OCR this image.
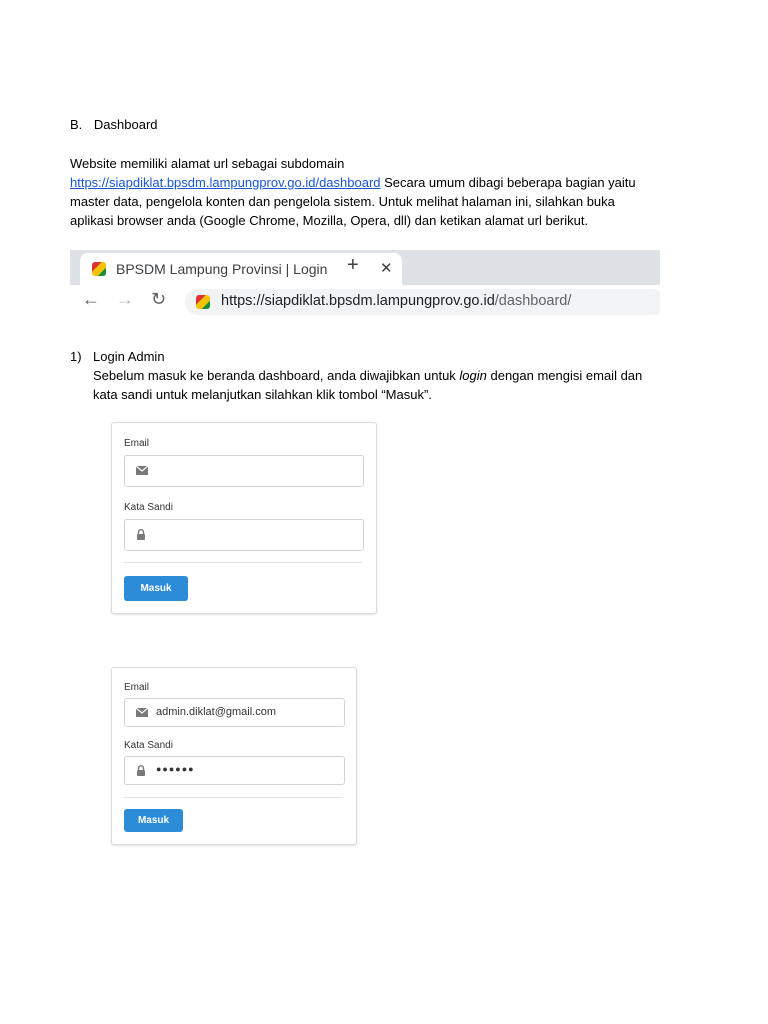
B. Dashboard
Website memiliki alamat url sebagai subdomain
https://siapdiklat.bpsdm.lampungprov.go.id/dashboard Secara umum dibagi beberapa bagian yaitu
master data, pengelola konten dan pengelola sistem. Untuk melihat halaman ini, silahkan buka
aplikasi browser anda (Google Chrome, Mozilla, Opera, dll) dan ketikan alamat url berikut.
BPSDM Lampung Provinsi | Login	✕
+
← → ↻	https://siapdiklat.bpsdm.lampungprov.go.id/dashboard/
1) Login Admin
Sebelum masuk ke beranda dashboard, anda diwajibkan untuk login dengan mengisi email dan
kata sandi untuk melanjutkan silahkan klik tombol “Masuk”.
Email
Kata Sandi
Masuk
Email
admin.diklat@gmail.com
Kata Sandi
●●●●●●
Masuk
